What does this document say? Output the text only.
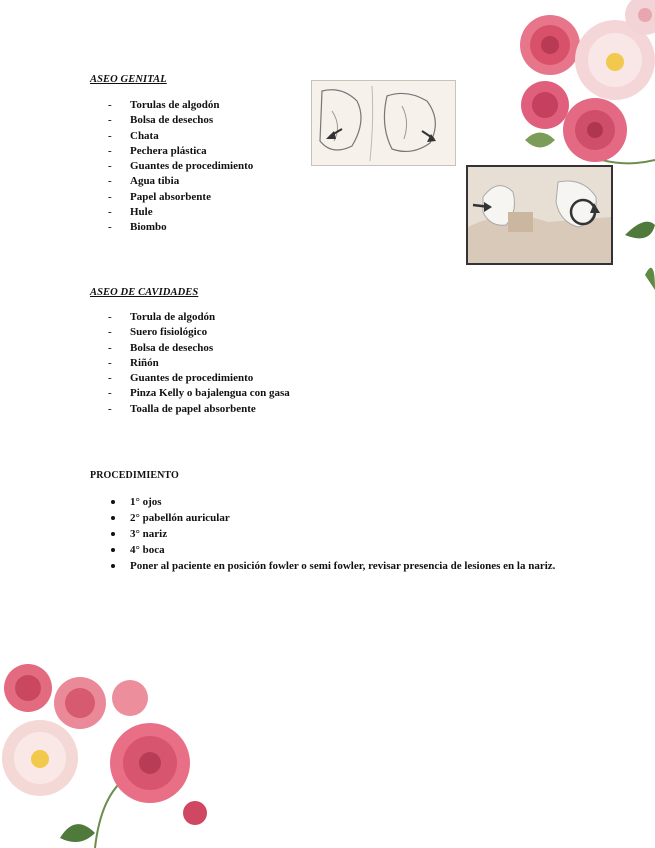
ASEO GENITAL
- Torulas de algodón
- Bolsa de desechos
- Chata
- Pechera plástica
- Guantes de procedimiento
- Agua tibia
- Papel absorbente
- Hule
- Biombo
ASEO DE CAVIDADES
- Torula de algodón
- Suero fisiológico
- Bolsa de desechos
- Riñón
- Guantes de procedimiento
- Pinza Kelly o bajalengua con gasa
- Toalla de papel absorbente
PROCEDIMIENTO
1° ojos
2° pabellón auricular
3° nariz
4° boca
Poner al paciente en posición fowler o semi fowler, revisar presencia de lesiones en la nariz.
